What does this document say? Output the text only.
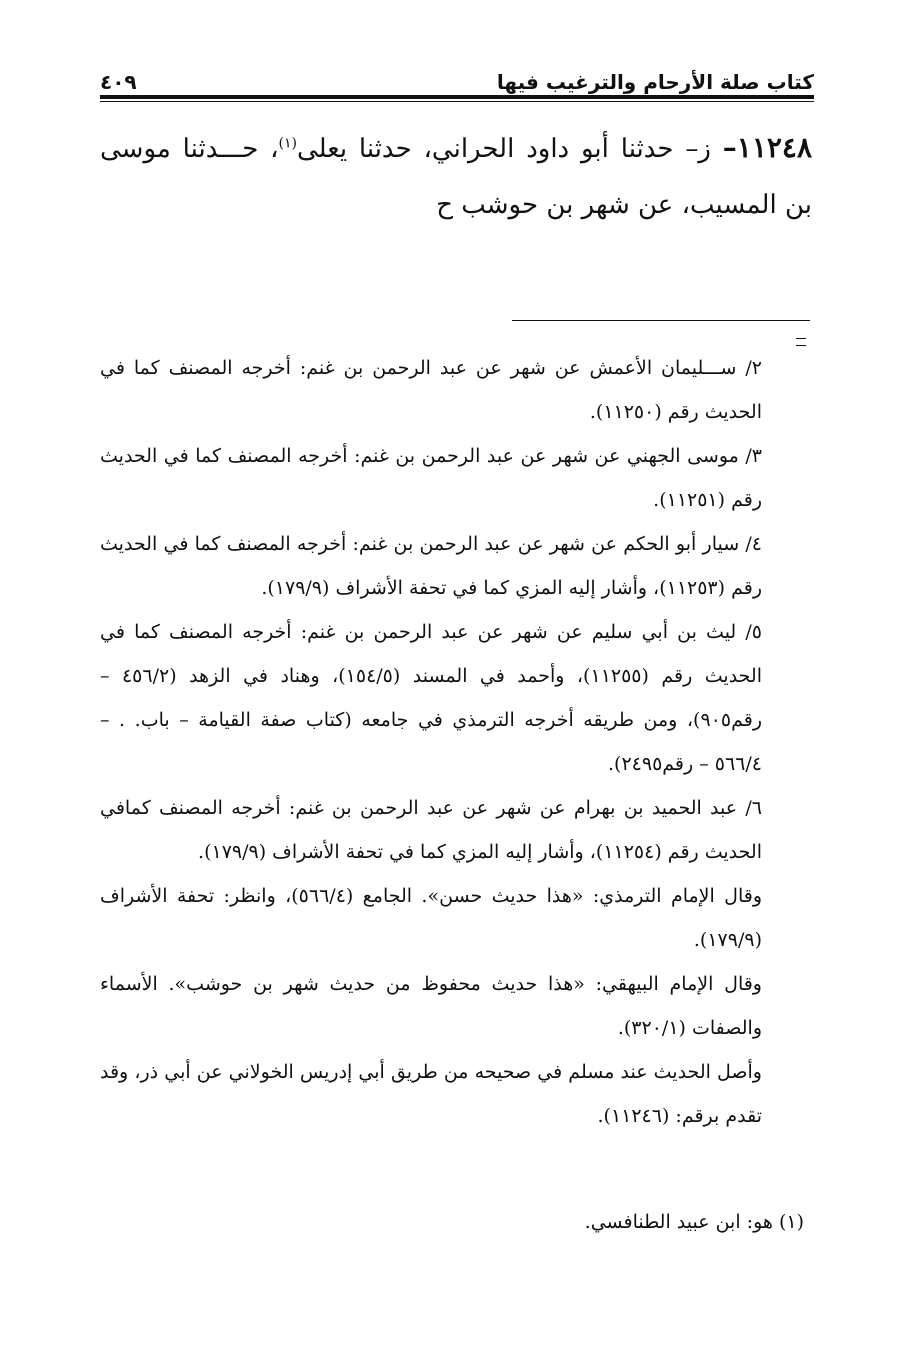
كتاب صلة الأرحام والترغيب فيها
٤٠٩
١١٢٤٨– ز– حدثنا أبو داود الحراني، حدثنا يعلى$^{(١)}$، حـــدثنا موسى بن المسيب، عن شهر بن حوشب ح

٢/ ســـليمان الأعمش عن شهر عن عبد الرحمن بن غنم: أخرجه المصنف كما في الحديث رقم (١١٢٥٠).

٣/ موسى الجهني عن شهر عن عبد الرحمن بن غنم: أخرجه المصنف كما في الحديث رقم (١١٢٥١).

٤/ سيار أبو الحكم عن شهر عن عبد الرحمن بن غنم: أخرجه المصنف كما في الحديث رقم (١١٢٥٣)، وأشار إليه المزي كما في تحفة الأشراف (١٧٩/٩).

٥/ ليث بن أبي سليم عن شهر عن عبد الرحمن بن غنم: أخرجه المصنف كما في الحديث رقم (١١٢٥٥)، وأحمد في المسند (١٥٤/٥)، وهناد في الزهد (٤٥٦/٢ – رقم٩٠٥)، ومن طريقه أخرجه الترمذي في جامعه (كتاب صفة القيامة – باب. . – ٥٦٦/٤ – رقم٢٤٩٥).

٦/ عبد الحميد بن بهرام عن شهر عن عبد الرحمن بن غنم: أخرجه المصنف كمافي الحديث رقم (١١٢٥٤)، وأشار إليه المزي كما في تحفة الأشراف (١٧٩/٩).

وقال الإمام الترمذي: «هذا حديث حسن». الجامع (٥٦٦/٤)، وانظر: تحفة الأشراف (١٧٩/٩).

وقال الإمام البيهقي: «هذا حديث محفوظ من حديث شهر بن حوشب». الأسماء والصفات (٣٢٠/١).

وأصل الحديث عند مسلم في صحيحه من طريق أبي إدريس الخولاني عن أبي ذر، وقد تقدم برقم: (١١٢٤٦).

(١) هو: ابن عبيد الطنافسي.
